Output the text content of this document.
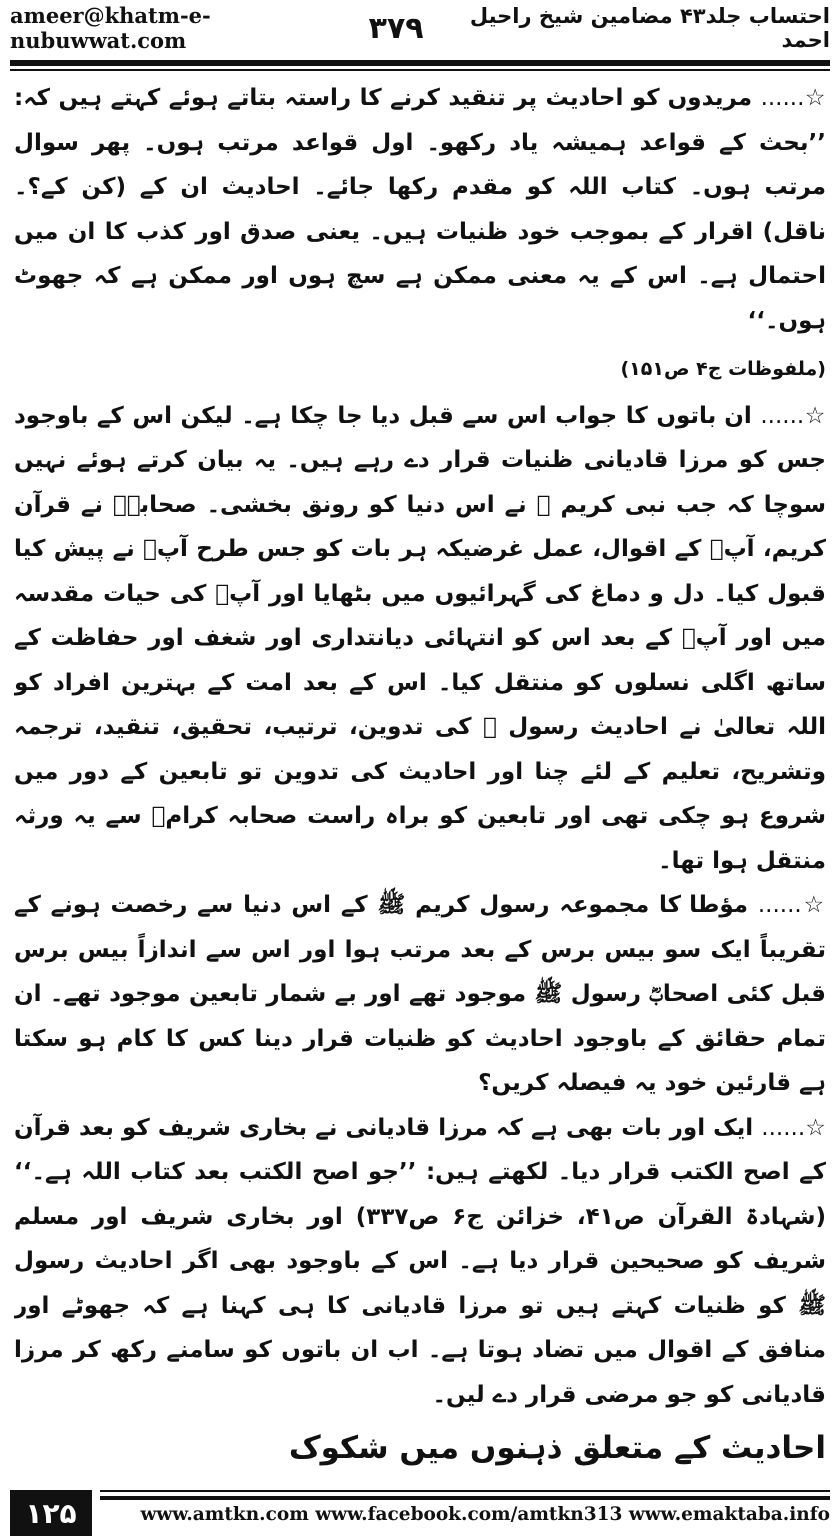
ameer@khatm-e-nubuwwat.com
احتساب جلد۴۳ مضامین شیخ راحیل احمد
۳۷۹

☆...... مریدوں کو احادیث پر تنقید کرنے کا راستہ بتاتے ہوئے کہتے ہیں کہ: ’’بحث کے قواعد ہمیشہ یاد رکھو۔ اول قواعد مرتب ہوں۔ پھر سوال مرتب ہوں۔ کتاب اللہ کو مقدم رکھا جائے۔ احادیث ان کے (کن کے؟۔ ناقل) اقرار کے بموجب خود ظنیات ہیں۔ یعنی صدق اور کذب کا ان میں احتمال ہے۔ اس کے یہ معنی ممکن ہے سچ ہوں اور ممکن ہے کہ جھوٹ ہوں۔‘‘

(ملفوظات ج۴ ص۱۵۱)

☆...... ان باتوں کا جواب اس سے قبل دیا جا چکا ہے۔ لیکن اس کے باوجود جس کو مرزا قادیانی ظنیات قرار دے رہے ہیں۔ یہ بیان کرتے ہوئے نہیں سوچا کہ جب نبی کریم ﷺ نے اس دنیا کو رونق بخشی۔ صحابہؓ نے قرآن کریم، آپؐ کے اقوال، عمل غرضیکہ ہر بات کو جس طرح آپؐ نے پیش کیا قبول کیا۔ دل و دماغ کی گہرائیوں میں بٹھایا اور آپؐ کی حیات مقدسہ میں اور آپؐ کے بعد اس کو انتہائی دیانتداری اور شغف اور حفاظت کے ساتھ اگلی نسلوں کو منتقل کیا۔ اس کے بعد امت کے بہترین افراد کو اللہ تعالیٰ نے احادیث رسول ﷺ کی تدوین، ترتیب، تحقیق، تنقید، ترجمہ وتشریح، تعلیم کے لئے چنا اور احادیث کی تدوین تو تابعین کے دور میں شروع ہو چکی تھی اور تابعین کو براہ راست صحابہ کرامؓ سے یہ ورثہ منتقل ہوا تھا۔

☆...... مؤطا کا مجموعہ رسول کریم ﷺ کے اس دنیا سے رخصت ہونے کے تقریباً ایک سو بیس برس کے بعد مرتب ہوا اور اس سے اندازاً بیس برس قبل کئی اصحابؓ رسول ﷺ موجود تھے اور بے شمار تابعین موجود تھے۔ ان تمام حقائق کے باوجود احادیث کو ظنیات قرار دینا کس کا کام ہو سکتا ہے قارئین خود یہ فیصلہ کریں؟

☆...... ایک اور بات بھی ہے کہ مرزا قادیانی نے بخاری شریف کو بعد قرآن کے اصح الکتب قرار دیا۔ لکھتے ہیں: ’’جو اصح الکتب بعد کتاب اللہ ہے۔‘‘ (شہادۃ القرآن ص۴۱، خزائن ج۶ ص۳۳۷) اور بخاری شریف اور مسلم شریف کو صحیحین قرار دیا ہے۔ اس کے باوجود بھی اگر احادیث رسول ﷺ کو ظنیات کہتے ہیں تو مرزا قادیانی کا ہی کہنا ہے کہ جھوٹے اور منافق کے اقوال میں تضاد ہوتا ہے۔ اب ان باتوں کو سامنے رکھ کر مرزا قادیانی کو جو مرضی قرار دے لیں۔

احادیث کے متعلق ذہنوں میں شکوک

۱۲۵	www.amtkn.com www.facebook.com/amtkn313 www.emaktaba.info
